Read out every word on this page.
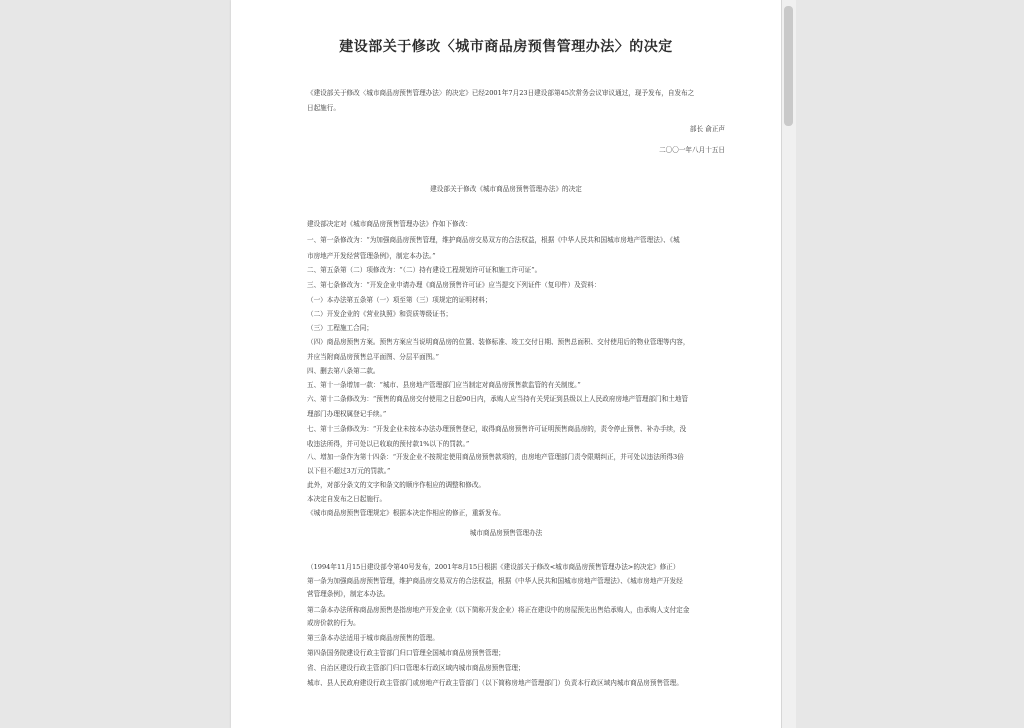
建设部关于修改〈城市商品房预售管理办法〉的决定
《建设部关于修改〈城市商品房预售管理办法〉的决定》已经2001年7月23日建设部第45次常务会议审议通过，现予发布，自发布之
日起施行。
部长 俞正声
二〇〇一年八月十五日
建设部关于修改《城市商品房预售管理办法》的决定
城市商品房预售管理办法
建设部决定对《城市商品房预售管理办法》作如下修改：
一、第一条修改为：“为加强商品房预售管理，维护商品房交易双方的合法权益，根据《中华人民共和国城市房地产管理法》、《城
市房地产开发经营管理条例》，制定本办法。”
二、第五条第（二）项修改为：“（二）持有建设工程规划许可证和施工许可证”。
三、第七条修改为：“开发企业申请办理《商品房预售许可证》应当提交下列证件（复印件）及资料：
（一）本办法第五条第（一）项至第（三）项规定的证明材料；
（二）开发企业的《营业执照》和资质等级证书；
（三）工程施工合同；
（四）商品房预售方案。预售方案应当说明商品房的位置、装修标准、竣工交付日期、预售总面积、交付使用后的物业管理等内容，
并应当附商品房预售总平面图、分层平面图。”
四、删去第八条第二款。
五、第十一条增加一款：“城市、县房地产管理部门应当制定对商品房预售款监管的有关制度。”
六、第十二条修改为：“预售的商品房交付使用之日起90日内，承购人应当持有关凭证到县级以上人民政府房地产管理部门和土地管
理部门办理权属登记手续。”
七、第十三条修改为：“开发企业未按本办法办理预售登记，取得商品房预售许可证明预售商品房的，责令停止预售、补办手续，没
收违法所得，并可处以已收取的预付款1%以下的罚款。”
八、增加一条作为第十四条：“开发企业不按规定使用商品房预售款项的，由房地产管理部门责令限期纠正，并可处以违法所得3倍
以下但不超过3万元的罚款。”
此外，对部分条文的文字和条文的顺序作相应的调整和修改。
本决定自发布之日起施行。
《城市商品房预售管理规定》根据本决定作相应的修正，重新发布。
（1994年11月15日建设部令第40号发布，2001年8月15日根据《建设部关于修改<城市商品房预售管理办法>的决定》修正）
第一条为加强商品房预售管理，维护商品房交易双方的合法权益，根据《中华人民共和国城市房地产管理法》、《城市房地产开发经
营管理条例》，制定本办法。
第二条本办法所称商品房预售是指房地产开发企业（以下简称开发企业）将正在建设中的房屋预先出售给承购人，由承购人支付定金
或房价款的行为。
第三条本办法适用于城市商品房预售的管理。
第四条国务院建设行政主管部门归口管理全国城市商品房预售管理；
省、自治区建设行政主管部门归口管理本行政区域内城市商品房预售管理；
城市、县人民政府建设行政主管部门或房地产行政主管部门（以下简称房地产管理部门）负责本行政区域内城市商品房预售管理。
